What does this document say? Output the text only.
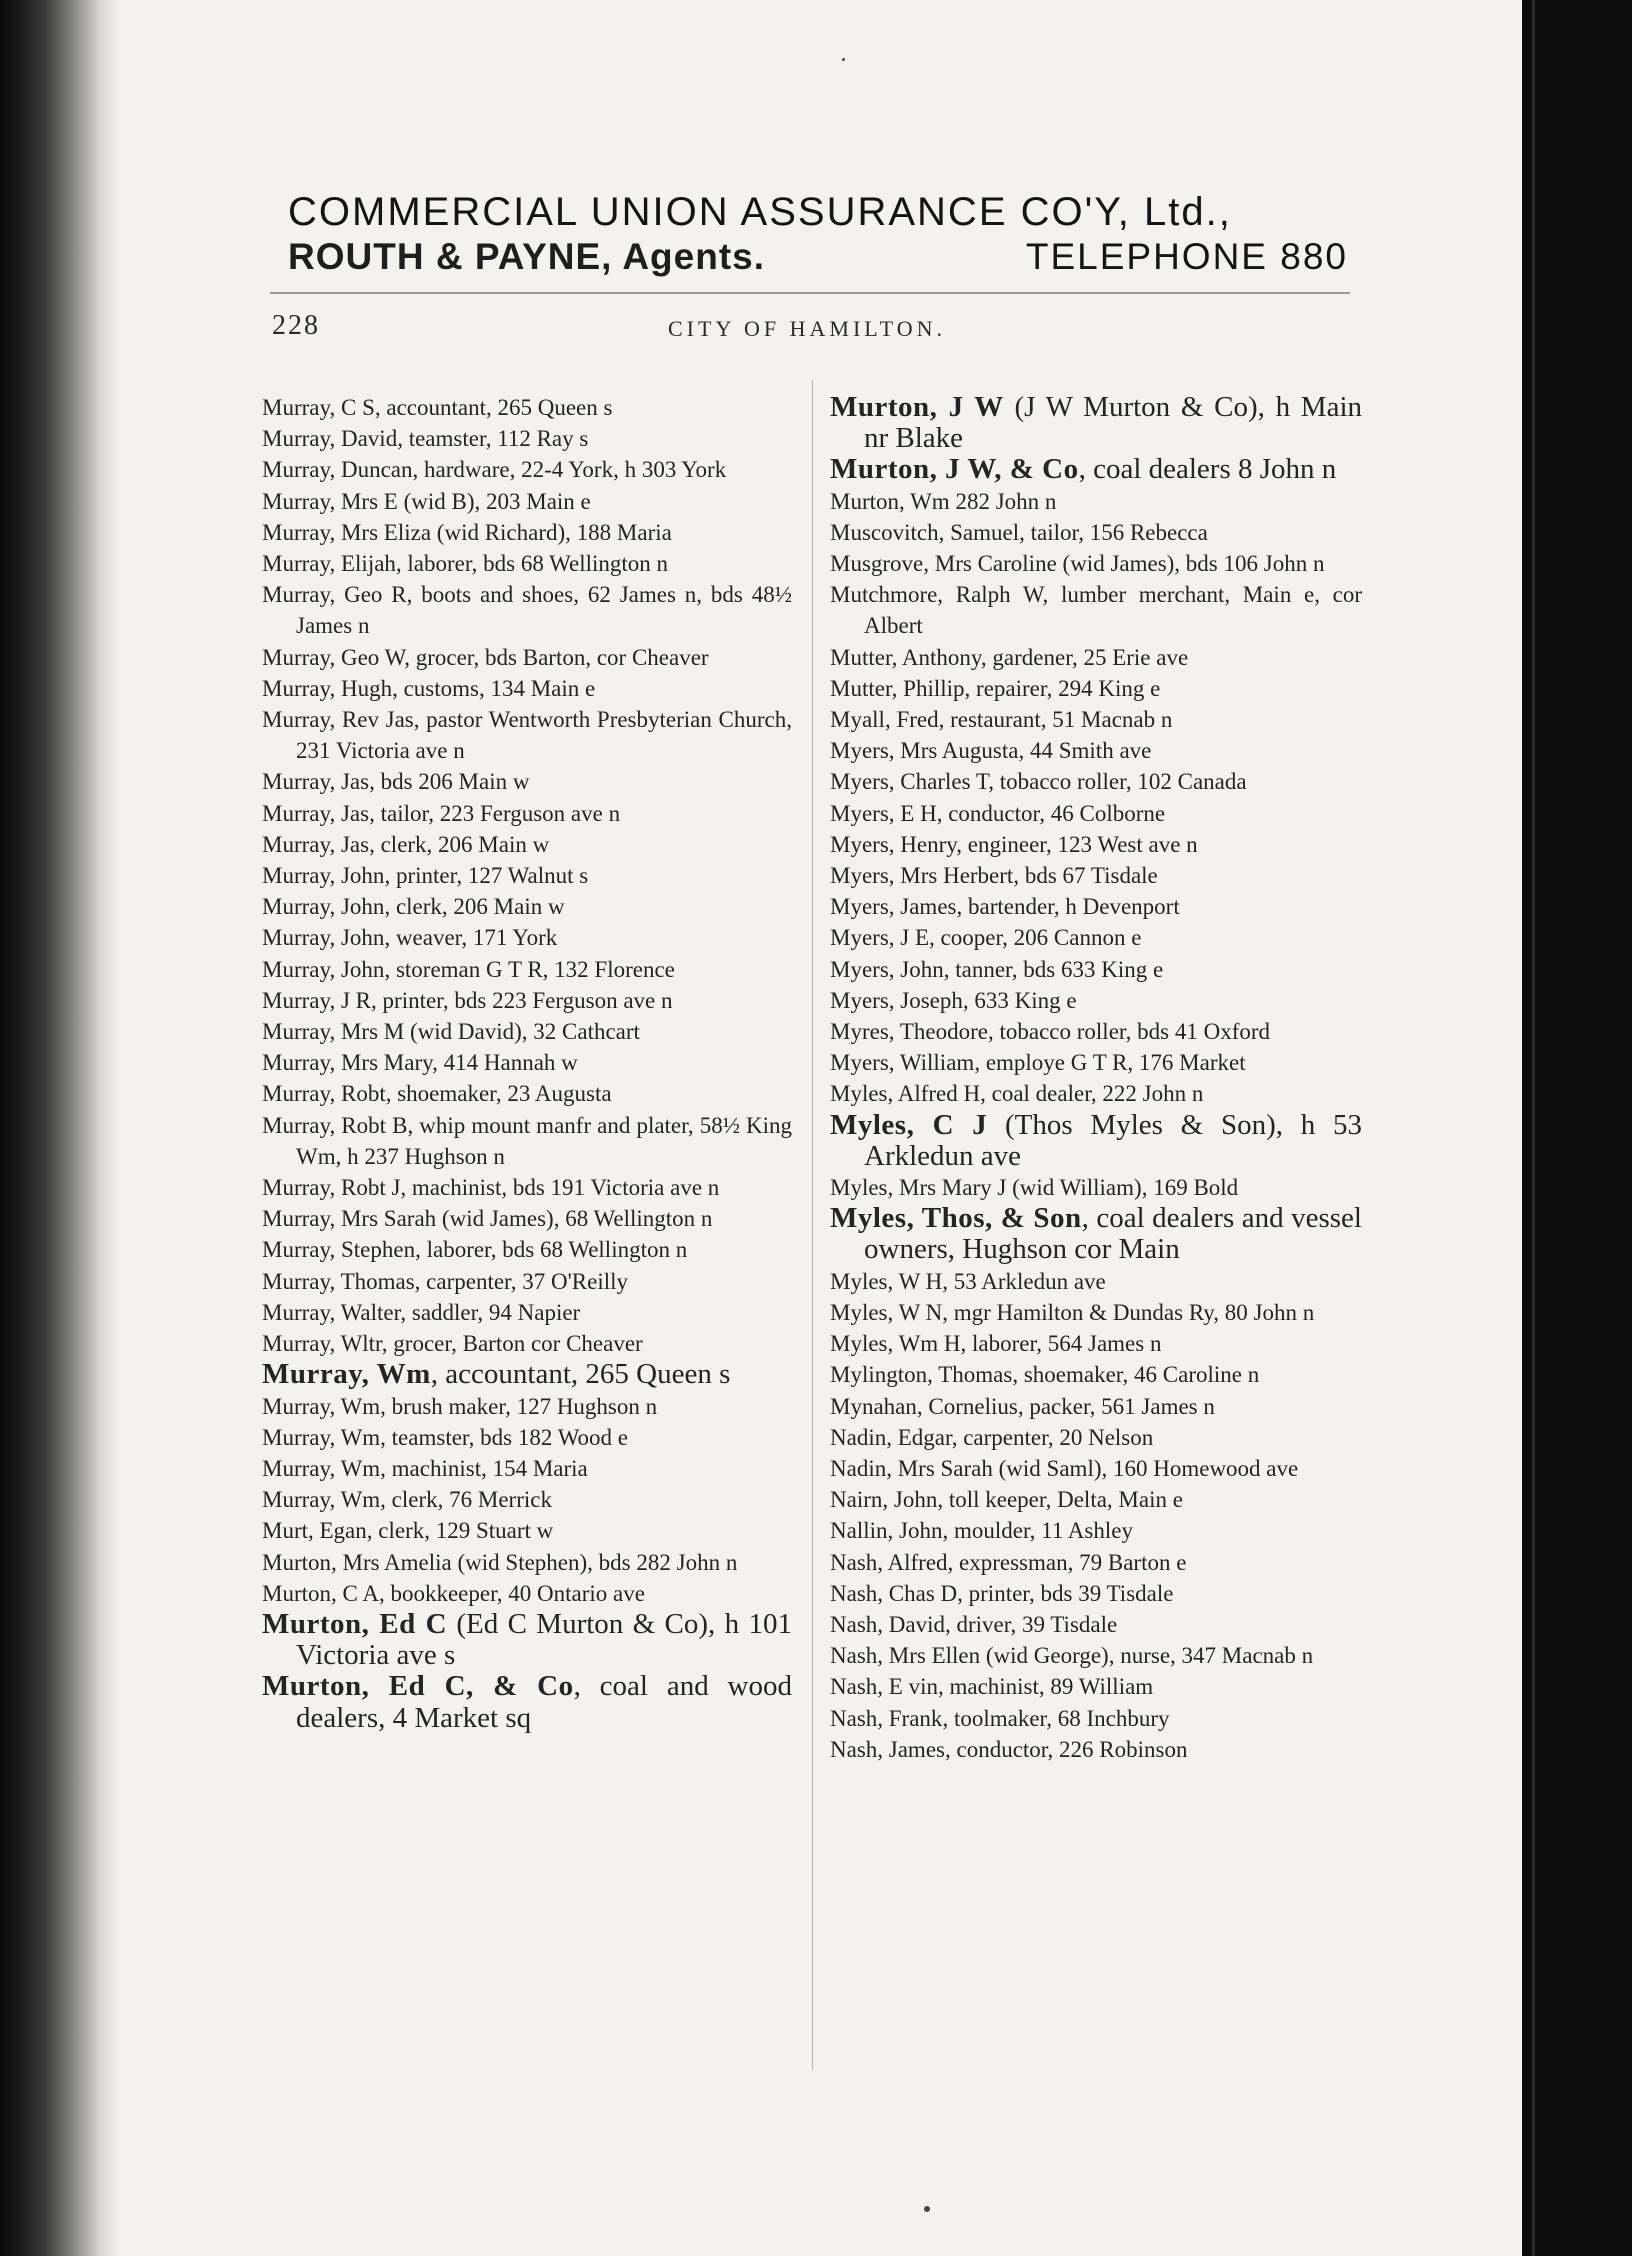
COMMERCIAL UNION ASSURANCE CO'Y, Ltd.,
ROUTH & PAYNE, Agents.	TELEPHONE 880
228	CITY OF HAMILTON.

Murray, C S, accountant, 265 Queen s

Murray, David, teamster, 112 Ray s

Murray, Duncan, hardware, 22-4 York, h 303 York

Murray, Mrs E (wid B), 203 Main e

Murray, Mrs Eliza (wid Richard), 188 Maria

Murray, Elijah, laborer, bds 68 Wellington n

Murray, Geo R, boots and shoes, 62 James n, bds 48½ James n

Murray, Geo W, grocer, bds Barton, cor Cheaver

Murray, Hugh, customs, 134 Main e

Murray, Rev Jas, pastor Wentworth Presbyterian Church, 231 Victoria ave n

Murray, Jas, bds 206 Main w

Murray, Jas, tailor, 223 Ferguson ave n

Murray, Jas, clerk, 206 Main w

Murray, John, printer, 127 Walnut s

Murray, John, clerk, 206 Main w

Murray, John, weaver, 171 York

Murray, John, storeman G T R, 132 Florence

Murray, J R, printer, bds 223 Ferguson ave n

Murray, Mrs M (wid David), 32 Cathcart

Murray, Mrs Mary, 414 Hannah w

Murray, Robt, shoemaker, 23 Augusta

Murray, Robt B, whip mount manfr and plater, 58½ King Wm, h 237 Hughson n

Murray, Robt J, machinist, bds 191 Victoria ave n

Murray, Mrs Sarah (wid James), 68 Wellington n

Murray, Stephen, laborer, bds 68 Wellington n

Murray, Thomas, carpenter, 37 O'Reilly

Murray, Walter, saddler, 94 Napier

Murray, Wltr, grocer, Barton cor Cheaver

Murray, Wm, accountant, 265 Queen s

Murray, Wm, brush maker, 127 Hughson n

Murray, Wm, teamster, bds 182 Wood e

Murray, Wm, machinist, 154 Maria

Murray, Wm, clerk, 76 Merrick

Murt, Egan, clerk, 129 Stuart w

Murton, Mrs Amelia (wid Stephen), bds 282 John n

Murton, C A, bookkeeper, 40 Ontario ave

Murton, Ed C (Ed C Murton & Co), h 101 Victoria ave s

Murton, Ed C, & Co, coal and wood dealers, 4 Market sq

Murton, J W (J W Murton & Co), h Main nr Blake

Murton, J W, & Co, coal dealers 8 John n

Murton, Wm 282 John n

Muscovitch, Samuel, tailor, 156 Rebecca

Musgrove, Mrs Caroline (wid James), bds 106 John n

Mutchmore, Ralph W, lumber merchant, Main e, cor Albert

Mutter, Anthony, gardener, 25 Erie ave

Mutter, Phillip, repairer, 294 King e

Myall, Fred, restaurant, 51 Macnab n

Myers, Mrs Augusta, 44 Smith ave

Myers, Charles T, tobacco roller, 102 Canada

Myers, E H, conductor, 46 Colborne

Myers, Henry, engineer, 123 West ave n

Myers, Mrs Herbert, bds 67 Tisdale

Myers, James, bartender, h Devenport

Myers, J E, cooper, 206 Cannon e

Myers, John, tanner, bds 633 King e

Myers, Joseph, 633 King e

Myres, Theodore, tobacco roller, bds 41 Oxford

Myers, William, employe G T R, 176 Market

Myles, Alfred H, coal dealer, 222 John n

Myles, C J (Thos Myles & Son), h 53 Arkledun ave

Myles, Mrs Mary J (wid William), 169 Bold

Myles, Thos, & Son, coal dealers and vessel owners, Hughson cor Main

Myles, W H, 53 Arkledun ave

Myles, W N, mgr Hamilton & Dundas Ry, 80 John n

Myles, Wm H, laborer, 564 James n

Mylington, Thomas, shoemaker, 46 Caroline n

Mynahan, Cornelius, packer, 561 James n

Nadin, Edgar, carpenter, 20 Nelson

Nadin, Mrs Sarah (wid Saml), 160 Homewood ave

Nairn, John, toll keeper, Delta, Main e

Nallin, John, moulder, 11 Ashley

Nash, Alfred, expressman, 79 Barton e

Nash, Chas D, printer, bds 39 Tisdale

Nash, David, driver, 39 Tisdale

Nash, Mrs Ellen (wid George), nurse, 347 Macnab n

Nash, E vin, machinist, 89 William

Nash, Frank, toolmaker, 68 Inchbury

Nash, James, conductor, 226 Robinson
